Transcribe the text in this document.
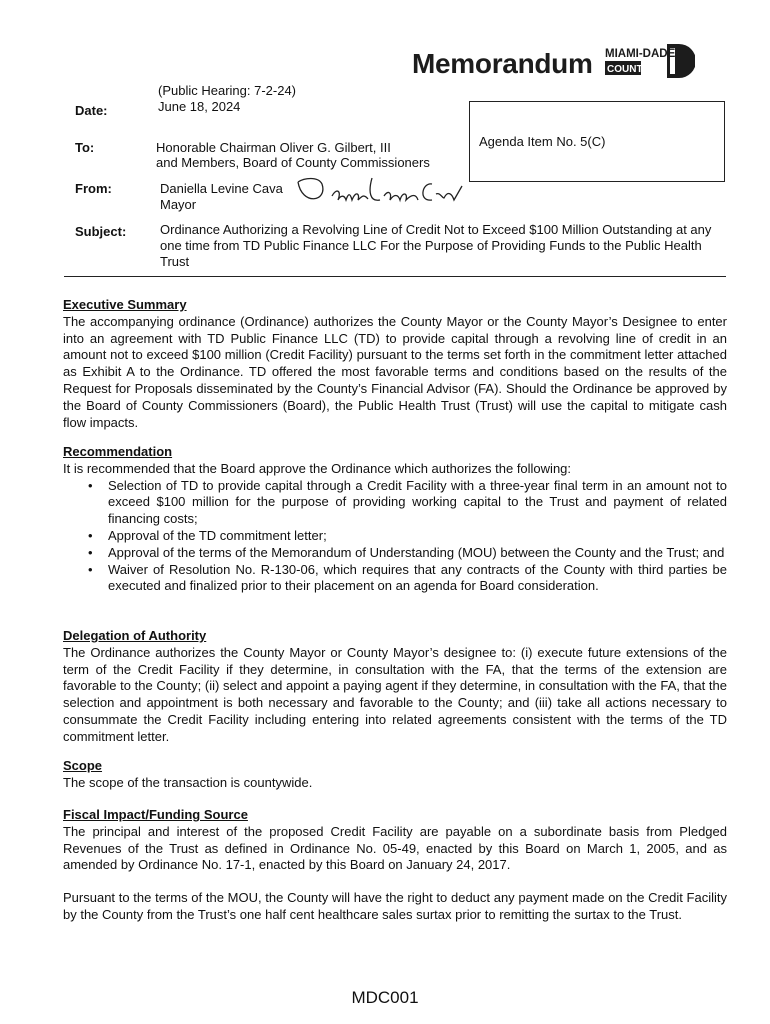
Memorandum MIAMI-DADE
COUNTY
(Public Hearing: 7-2-24)
Date:	June 18, 2024
Agenda Item No. 5(C)
To:	Honorable Chairman Oliver G. Gilbert, III
and Members, Board of County Commissioners
From:	Daniella Levine Cava
Mayor
Subject:	Ordinance Authorizing a Revolving Line of Credit Not to Exceed $100 Million Outstanding at any one time from TD Public Finance LLC For the Purpose of Providing Funds to the Public Health Trust
Executive Summary
The accompanying ordinance (Ordinance) authorizes the County Mayor or the County Mayor’s Designee to enter into an agreement with TD Public Finance LLC (TD) to provide capital through a revolving line of credit in an amount not to exceed $100 million (Credit Facility) pursuant to the terms set forth in the commitment letter attached as Exhibit A to the Ordinance. TD offered the most favorable terms and conditions based on the results of the Request for Proposals disseminated by the County’s Financial Advisor (FA). Should the Ordinance be approved by the Board of County Commissioners (Board), the Public Health Trust (Trust) will use the capital to mitigate cash flow impacts.
Recommendation
It is recommended that the Board approve the Ordinance which authorizes the following:
• Selection of TD to provide capital through a Credit Facility with a three-year final term in an amount not to exceed $100 million for the purpose of providing working capital to the Trust and payment of related financing costs;
• Approval of the TD commitment letter;
• Approval of the terms of the Memorandum of Understanding (MOU) between the County and the Trust; and
• Waiver of Resolution No. R-130-06, which requires that any contracts of the County with third parties be executed and finalized prior to their placement on an agenda for Board consideration.
Delegation of Authority
The Ordinance authorizes the County Mayor or County Mayor’s designee to: (i) execute future extensions of the term of the Credit Facility if they determine, in consultation with the FA, that the terms of the extension are favorable to the County; (ii) select and appoint a paying agent if they determine, in consultation with the FA, that the selection and appointment is both necessary and favorable to the County; and (iii) take all actions necessary to consummate the Credit Facility including entering into related agreements consistent with the terms of the TD commitment letter.
Scope
The scope of the transaction is countywide.
Fiscal Impact/Funding Source
The principal and interest of the proposed Credit Facility are payable on a subordinate basis from Pledged Revenues of the Trust as defined in Ordinance No. 05-49, enacted by this Board on March 1, 2005, and as amended by Ordinance No. 17-1, enacted by this Board on January 24, 2017.
Pursuant to the terms of the MOU, the County will have the right to deduct any payment made on the Credit Facility by the County from the Trust’s one half cent healthcare sales surtax prior to remitting the surtax to the Trust.
MDC001
